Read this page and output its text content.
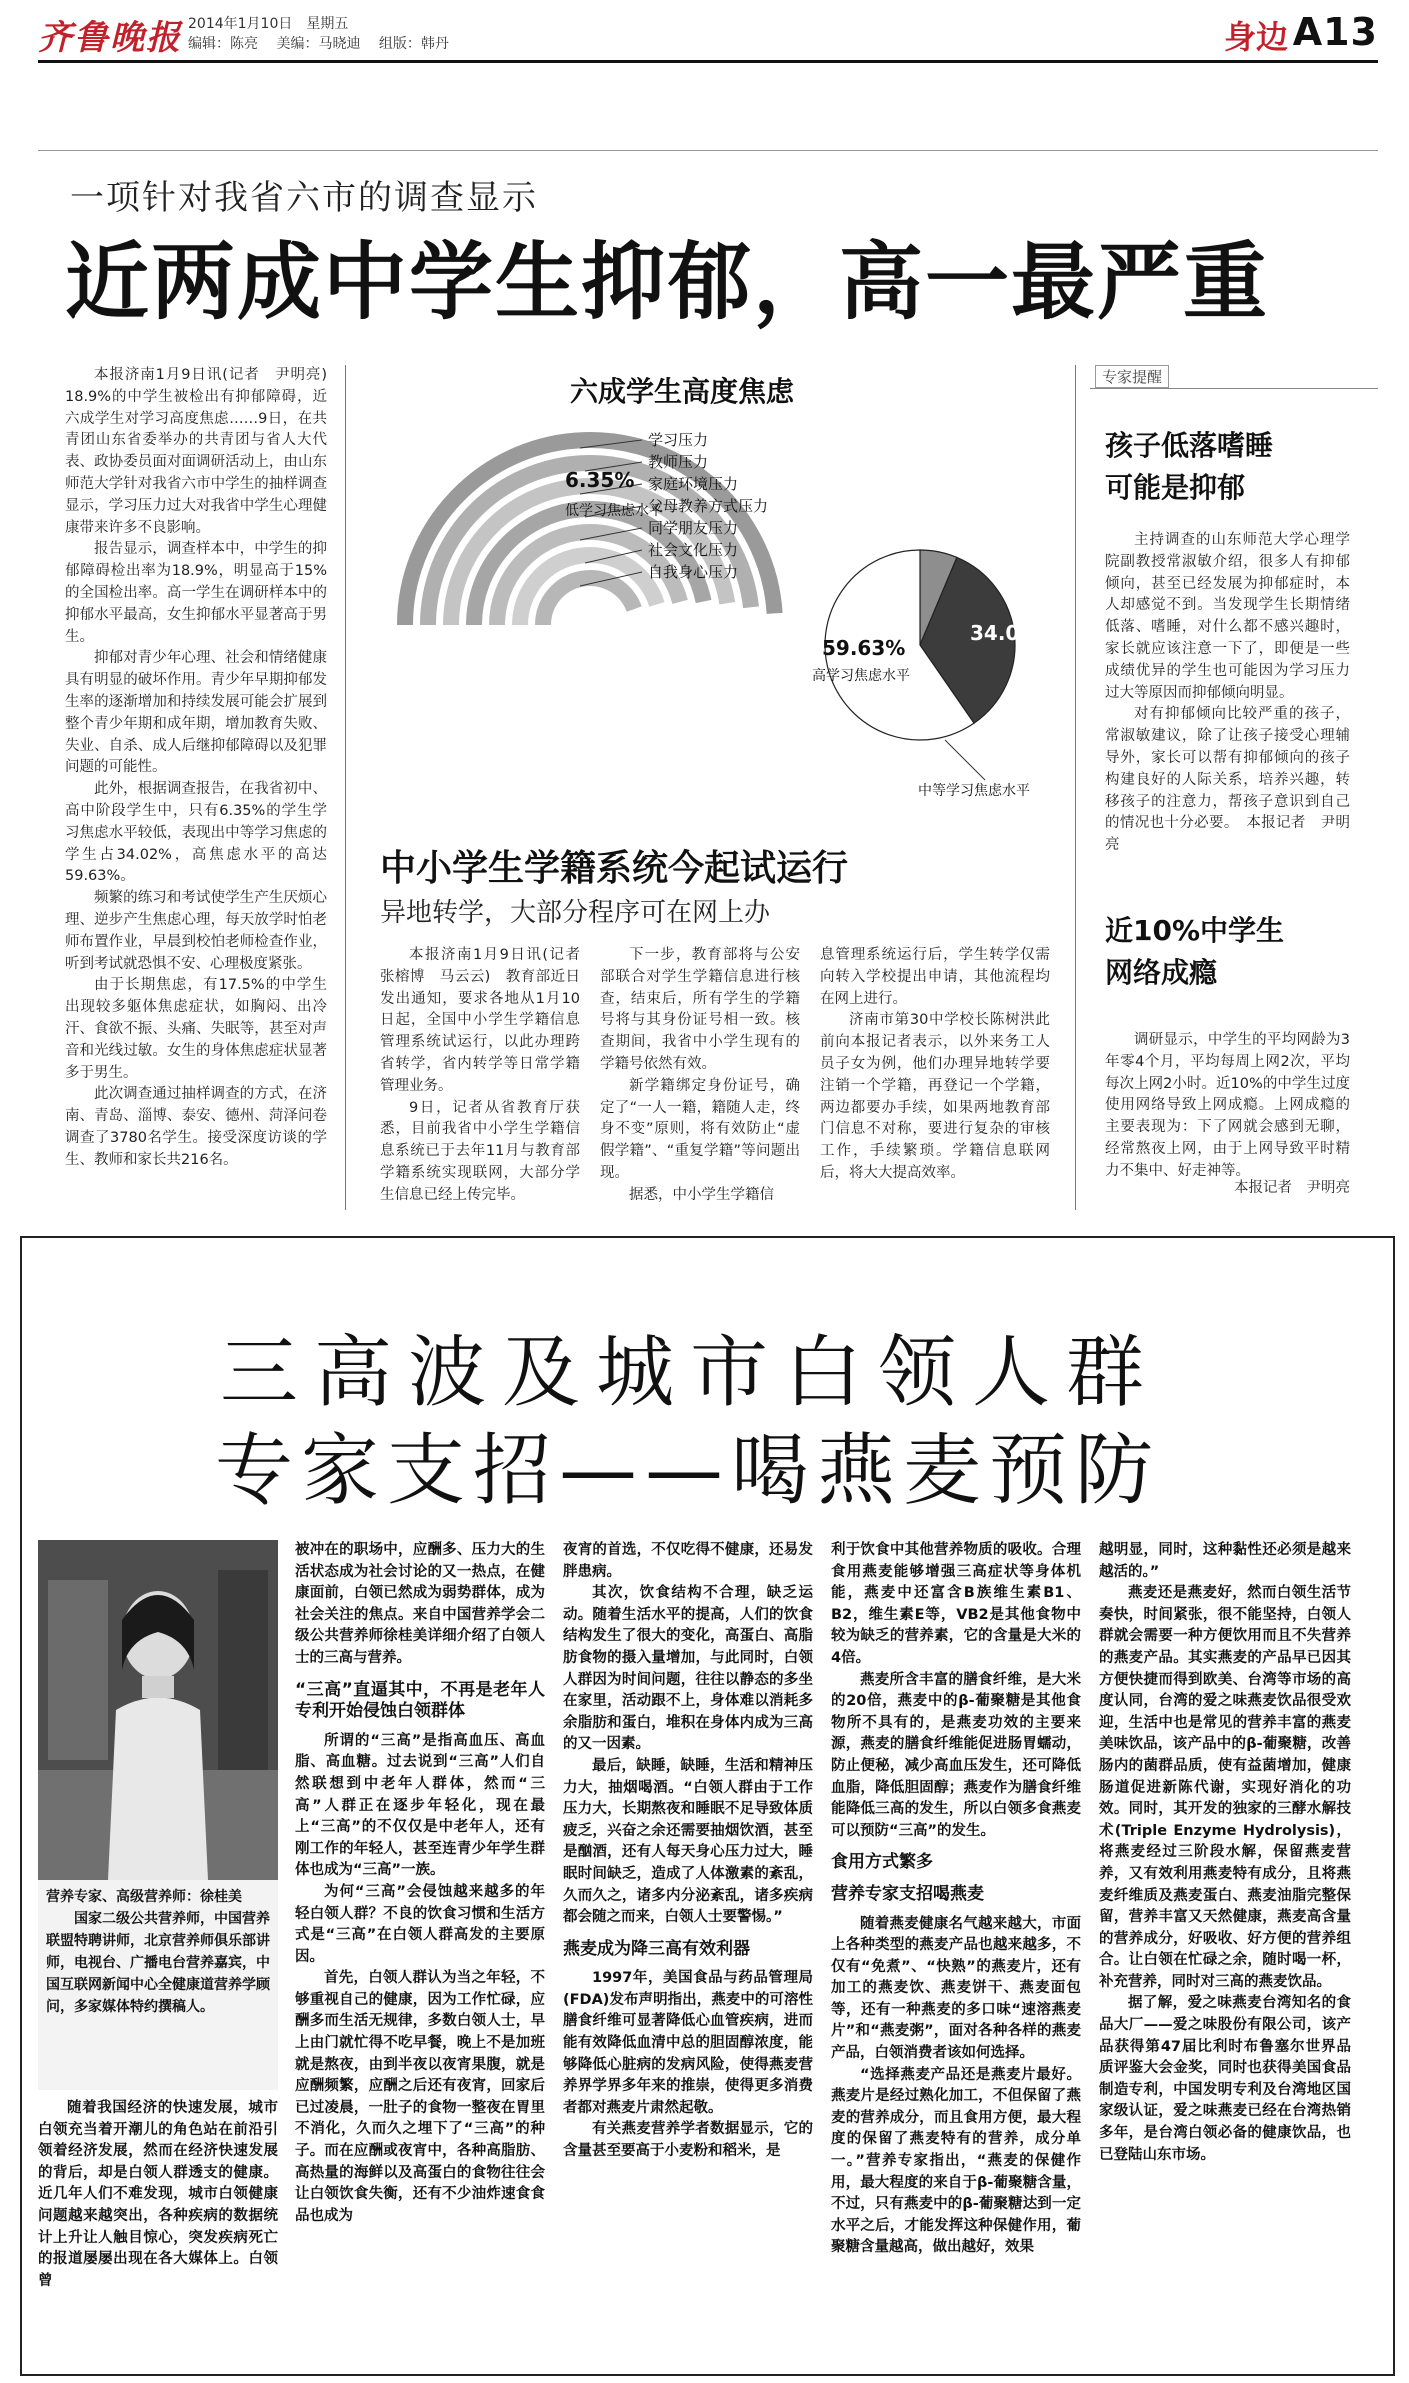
齐鲁晚报 2014年1月10日　星期五
编辑：陈亮 美编：马晓迪 组版：韩丹	身边 A13
一项针对我省六市的调查显示
近两成中学生抑郁，高一最严重

本报济南1月9日讯(记者　尹明亮)　18.9%的中学生被检出有抑郁障碍，近六成学生对学习高度焦虑……9日，在共青团山东省委举办的共青团与省人大代表、政协委员面对面调研活动上，由山东师范大学针对我省六市中学生的抽样调查显示，学习压力过大对我省中学生心理健康带来许多不良影响。

报告显示，调查样本中，中学生的抑郁障碍检出率为18.9%，明显高于15%的全国检出率。高一学生在调研样本中的抑郁水平最高，女生抑郁水平显著高于男生。

抑郁对青少年心理、社会和情绪健康具有明显的破坏作用。青少年早期抑郁发生率的逐渐增加和持续发展可能会扩展到整个青少年期和成年期，增加教育失败、失业、自杀、成人后继抑郁障碍以及犯罪问题的可能性。

此外，根据调查报告，在我省初中、高中阶段学生中，只有6.35%的学生学习焦虑水平较低，表现出中等学习焦虑的学生占34.02%，高焦虑水平的高达59.63%。

频繁的练习和考试使学生产生厌烦心理、逆步产生焦虑心理，每天放学时怕老师布置作业，早晨到校怕老师检查作业，听到考试就恐惧不安、心理极度紧张。

由于长期焦虑，有17.5%的中学生出现较多躯体焦虑症状，如胸闷、出冷汗、食欲不振、头痛、失眠等，甚至对声音和光线过敏。女生的身体焦虑症状显著多于男生。

此次调查通过抽样调查的方式，在济南、青岛、淄博、泰安、德州、菏泽问卷调查了3780名学生。接受深度访谈的学生、教师和家长共216名。

六成学生高度焦虑
学习压力
教师压力
家庭环境压力
父母教养方式压力
同学朋友压力
社会文化压力
自我身心压力
6.35%
低学习焦虑水平
34.02%
中等学习焦虑水平
59.63%
高学习焦虑水平
中小学生学籍系统今起试运行
异地转学，大部分程序可在网上办

本报济南1月9日讯(记者　张榕博　马云云)　教育部近日发出通知，要求各地从1月10日起，全国中小学生学籍信息管理系统试运行，以此办理跨省转学，省内转学等日常学籍管理业务。

9日，记者从省教育厅获悉，目前我省中小学生学籍信息系统已于去年11月与教育部学籍系统实现联网，大部分学生信息已经上传完毕。

下一步，教育部将与公安部联合对学生学籍信息进行核查，结束后，所有学生的学籍号将与其身份证号相一致。核查期间，我省中小学生现有的学籍号依然有效。

新学籍绑定身份证号，确定了“一人一籍，籍随人走，终身不变”原则，将有效防止“虚假学籍”、“重复学籍”等问题出现。

据悉，中小学生学籍信

息管理系统运行后，学生转学仅需向转入学校提出申请，其他流程均在网上进行。

济南市第30中学校长陈树洪此前向本报记者表示，以外来务工人员子女为例，他们办理异地转学要注销一个学籍，再登记一个学籍，两边都要办手续，如果两地教育部门信息不对称，要进行复杂的审核工作，手续繁琐。学籍信息联网后，将大大提高效率。

专家提醒
孩子低落嗜睡
可能是抑郁

主持调查的山东师范大学心理学院副教授常淑敏介绍，很多人有抑郁倾向，甚至已经发展为抑郁症时，本人却感觉不到。当发现学生长期情绪低落、嗜睡，对什么都不感兴趣时，家长就应该注意一下了，即便是一些成绩优异的学生也可能因为学习压力过大等原因而抑郁倾向明显。

对有抑郁倾向比较严重的孩子，常淑敏建议，除了让孩子接受心理辅导外，家长可以帮有抑郁倾向的孩子构建良好的人际关系，培养兴趣，转移孩子的注意力，帮孩子意识到自己的情况也十分必要。　本报记者　尹明亮

近10%中学生
网络成瘾

调研显示，中学生的平均网龄为3年零4个月，平均每周上网2次，平均每次上网2小时。近10%的中学生过度使用网络导致上网成瘾。上网成瘾的主要表现为：下了网就会感到无聊，经常熬夜上网，由于上网导致平时精力不集中、好走神等。

本报记者　尹明亮
三高波及城市白领人群
专家支招——喝燕麦预防
营养专家、高级营养师：徐桂美
国家二级公共营养师，中国营养联盟特聘讲师，北京营养师俱乐部讲师，电视台、广播电台营养嘉宾，中国互联网新闻中心全健康道营养学顾问，多家媒体特约撰稿人。

随着我国经济的快速发展，城市白领充当着开潮儿的角色站在前沿引领着经济发展，然而在经济快速发展的背后，却是白领人群透支的健康。近几年人们不难发现，城市白领健康问题越来越突出，各种疾病的数据统计上升让人触目惊心，突发疾病死亡的报道屡屡出现在各大媒体上。白领曾

被冲在的职场中，应酬多、压力大的生活状态成为社会讨论的又一热点，在健康面前，白领已然成为弱势群体，成为社会关注的焦点。来自中国营养学会二级公共营养师徐桂美详细介绍了白领人士的三高与营养。

“三高”直逼其中，不再是老年人专利开始侵蚀白领群体

所谓的“三高”是指高血压、高血脂、高血糖。过去说到“三高”人们自然联想到中老年人群体，然而“三高”人群正在逐步年轻化，现在最上“三高”的不仅仅是中老年人，还有刚工作的年轻人，甚至连青少年学生群体也成为“三高”一族。

为何“三高”会侵蚀越来越多的年轻白领人群？不良的饮食习惯和生活方式是“三高”在白领人群高发的主要原因。

首先，白领人群认为当之年轻，不够重视自己的健康，因为工作忙碌，应酬多而生活无规律，多数白领人士，早上由门就忙得不吃早餐，晚上不是加班就是熬夜，由到半夜以夜宵果腹，就是应酬频繁，应酬之后还有夜宵，回家后已过凌晨，一肚子的食物一整夜在胃里不消化，久而久之埋下了“三高”的种子。而在应酬或夜宵中，各种高脂肪、高热量的海鲜以及高蛋白的食物往往会让白领饮食失衡，还有不少油炸速食食品也成为

夜宵的首选，不仅吃得不健康，还易发胖患病。

其次，饮食结构不合理，缺乏运动。随着生活水平的提高，人们的饮食结构发生了很大的变化，高蛋白、高脂肪食物的摄入量增加，与此同时，白领人群因为时间问题，往往以静态的多坐在家里，活动跟不上，身体难以消耗多余脂肪和蛋白，堆积在身体内成为三高的又一因素。

最后，缺睡，缺睡，生活和精神压力大，抽烟喝酒。“白领人群由于工作压力大，长期熬夜和睡眠不足导致体质疲乏，兴奋之余还需要抽烟饮酒，甚至是酗酒，还有人每天身心压力过大，睡眠时间缺乏，造成了人体激素的紊乱，久而久之，诸多内分泌紊乱，诸多疾病都会随之而来，白领人士要警惕。”

燕麦成为降三高有效利器

1997年，美国食品与药品管理局(FDA)发布声明指出，燕麦中的可溶性膳食纤维可显著降低心血管疾病，进而能有效降低血清中总的胆固醇浓度，能够降低心脏病的发病风险，使得燕麦营养界学界多年来的推崇，使得更多消费者都对燕麦片肃然起敬。

有关燕麦营养学者数据显示，它的含量甚至要高于小麦粉和稻米，是

利于饮食中其他营养物质的吸收。合理食用燕麦能够增强三高症状等身体机能，燕麦中还富含B族维生素B1、B2，维生素E等，VB2是其他食物中较为缺乏的营养素，它的含量是大米的4倍。

燕麦所含丰富的膳食纤维，是大米的20倍，燕麦中的β-葡聚糖是其他食物所不具有的，是燕麦功效的主要来源，燕麦的膳食纤维能促进肠胃蠕动，防止便秘，减少高血压发生，还可降低血脂，降低胆固醇；燕麦作为膳食纤维能降低三高的发生，所以白领多食燕麦可以预防“三高”的发生。

食用方式繁多
营养专家支招喝燕麦

随着燕麦健康名气越来越大，市面上各种类型的燕麦产品也越来越多，不仅有“免煮”、“快熟”的燕麦片，还有加工的燕麦饮、燕麦饼干、燕麦面包等，还有一种燕麦的多口味“速溶燕麦片”和“燕麦粥”，面对各种各样的燕麦产品，白领消费者该如何选择。

“选择燕麦产品还是燕麦片最好。燕麦片是经过熟化加工，不但保留了燕麦的营养成分，而且食用方便，最大程度的保留了燕麦特有的营养，成分单一。”营养专家指出，“燕麦的保健作用，最大程度的来自于β-葡聚糖含量，不过，只有燕麦中的β-葡聚糖达到一定水平之后，才能发挥这种保健作用，葡聚糖含量越高，做出越好，效果

越明显，同时，这种黏性还必须是越来越活的。”

燕麦还是燕麦好，然而白领生活节奏快，时间紧张，很不能坚持，白领人群就会需要一种方便饮用而且不失营养的燕麦产品。其实燕麦的产品早已因其方便快捷而得到欧美、台湾等市场的高度认同，台湾的爱之味燕麦饮品很受欢迎，生活中也是常见的营养丰富的燕麦美味饮品，该产品中的β-葡聚糖，改善肠内的菌群品质，使有益菌增加，健康肠道促进新陈代谢，实现好消化的功效。同时，其开发的独家的三酵水解技术(Triple Enzyme Hydrolysis)，将燕麦经过三阶段水解，保留燕麦营养，又有效利用燕麦特有成分，且将燕麦纤维质及燕麦蛋白、燕麦油脂完整保留，营养丰富又天然健康，燕麦高含量的营养成分，好吸收、好方便的营养组合。让白领在忙碌之余，随时喝一杯，补充营养，同时对三高的燕麦饮品。

据了解，爱之味燕麦台湾知名的食品大厂——爱之味股份有限公司，该产品获得第47届比利时布鲁塞尔世界品质评鉴大会金奖，同时也获得美国食品制造专利，中国发明专利及台湾地区国家级认证，爱之味燕麦已经在台湾热销多年，是台湾白领必备的健康饮品，也已登陆山东市场。
